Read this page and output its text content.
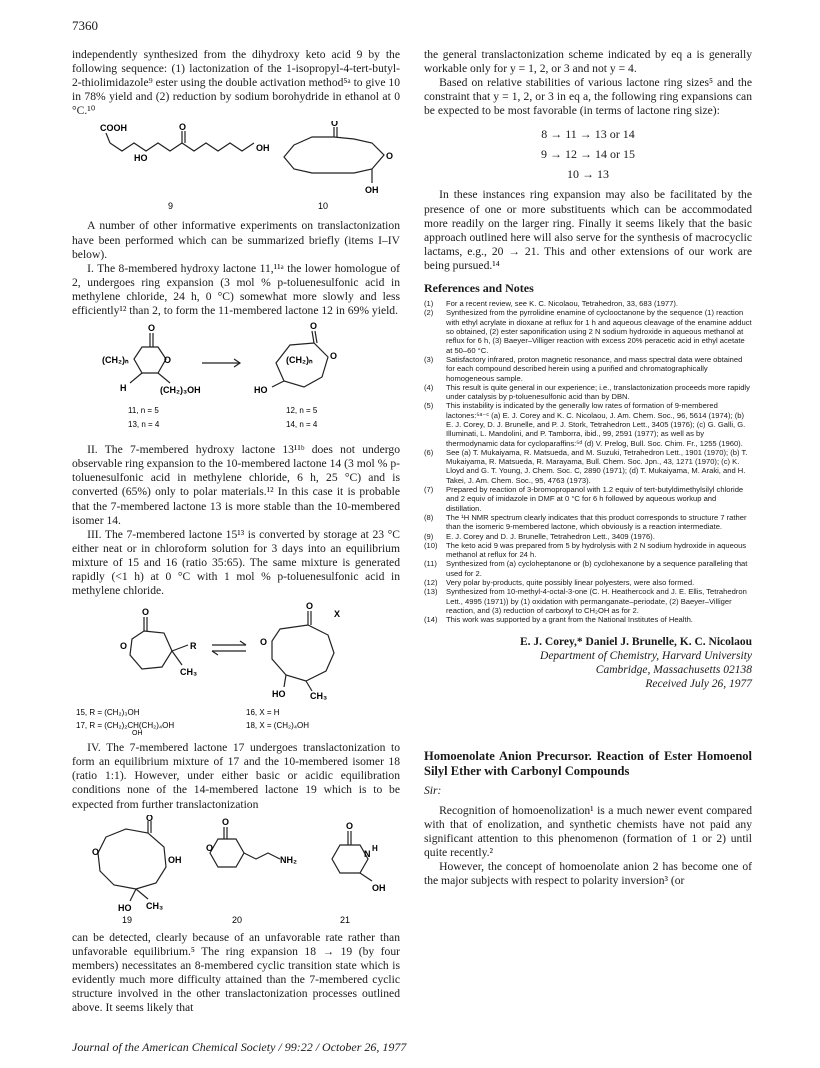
7360

independently synthesized from the dihydroxy keto acid 9 by the following sequence: (1) lactonization of the 1-isopropyl-4-tert-butyl-2-thiolimidazole⁹ ester using the double activation method⁵ᵃ to give 10 in 78% yield and (2) reduction by sodium borohydride in ethanol at 0 °C.¹⁰

COOH
HO
O
OH
O
O
OH
9	10

A number of other informative experiments on translactonization have been performed which can be summarized briefly (items I–IV below).

I. The 8-membered hydroxy lactone 11,¹¹ᵃ the lower homologue of 2, undergoes ring expansion (3 mol % p-toluenesulfonic acid in methylene chloride, 24 h, 0 °C) somewhat more slowly and less efficiently¹² than 2, to form the 11-membered lactone 12 in 69% yield.

O
(CH₂)ₙ	O
H	(CH₂)₃OH
O
(CH₂)ₙ O
HO
11, n = 5
13, n = 4
12, n = 5
14, n = 4

II. The 7-membered hydroxy lactone 13¹¹ᵇ does not undergo observable ring expansion to the 10-membered lactone 14 (3 mol % p-toluenesulfonic acid in methylene chloride, 6 h, 25 °C) and is converted (65%) only to polar materials.¹² In this case it is probable that the 7-membered lactone 13 is more stable than the 10-membered isomer 14.

III. The 7-membered lactone 15¹³ is converted by storage at 23 °C either neat or in chloroform solution for 3 days into an equilibrium mixture of 15 and 16 (ratio 35:65). The same mixture is generated rapidly (<1 h) at 0 °C with 1 mol % p-toluenesulfonic acid in methylene chloride.

O
O	R
CH₃
O
X
O
HO	CH₃
15, R = (CH₂)₃OH
17, R = (CH₂)₂CH(CH₂)₄OH
OH
16, X = H
18, X = (CH₂)₄OH

IV. The 7-membered lactone 17 undergoes translactonization to form an equilibrium mixture of 17 and the 10-membered isomer 18 (ratio 1:1). However, under either basic or acidic equilibration conditions none of the 14-membered lactone 19 which is to be expected from further translactonization

O
O
OH
HO CH₃
O
O
NH₂
O
N
H
OH
19	20	21

can be detected, clearly because of an unfavorable rate rather than unfavorable equilibrium.⁵ The ring expansion 18 → 19 (by four members) necessitates an 8-membered cyclic transition state which is evidently much more difficulty attained than the 7-membered cyclic structure involved in the other translactonization processes outlined above. It seems likely that

the general translactonization scheme indicated by eq a is generally workable only for y = 1, 2, or 3 and not y = 4.

Based on relative stabilities of various lactone ring sizes⁵ and the constraint that y = 1, 2, or 3 in eq a, the following ring expansions can be expected to be most favorable (in terms of lactone ring size):

8 → 11 → 13 or 14
9 → 12 → 14 or 15
10 → 13

In these instances ring expansion may also be facilitated by the presence of one or more substituents which can be accommodated more readily on the larger ring. Finally it seems likely that the basic approach outlined here will also serve for the synthesis of macrocyclic lactams, e.g., 20 → 21. This and other extensions of our work are being pursued.¹⁴

References and Notes
(1) For a recent review, see K. C. Nicolaou, Tetrahedron, 33, 683 (1977).
(2) Synthesized from the pyrrolidine enamine of cyclooctanone by the sequence (1) reaction with ethyl acrylate in dioxane at reflux for 1 h and aqueous cleavage of the enamine adduct so obtained, (2) ester saponification using 2 N sodium hydroxide in aqueous methanol at reflux for 6 h, (3) Baeyer–Villiger reaction with excess 20% peracetic acid in ethyl acetate at 50–60 °C.
(3) Satisfactory infrared, proton magnetic resonance, and mass spectral data were obtained for each compound described herein using a purified and chromatographically homogeneous sample.
(4) This result is quite general in our experience; i.e., translactonization proceeds more rapidly under catalysis by p-toluenesulfonic acid than by DBN.
(5) This instability is indicated by the generally low rates of formation of 9-membered lactones:⁵ᵃ⁻ᶜ (a) E. J. Corey and K. C. Nicolaou, J. Am. Chem. Soc., 96, 5614 (1974); (b) E. J. Corey, D. J. Brunelle, and P. J. Stork, Tetrahedron Lett., 3405 (1976); (c) G. Galli, G. Illuminati, L. Mandolini, and P. Tamborra, ibid., 99, 2591 (1977); as well as by thermodynamic data for cycloparaffins:⁵ᵈ (d) V. Prelog, Bull. Soc. Chim. Fr., 1255 (1960).
(6) See (a) T. Mukaiyama, R. Matsueda, and M. Suzuki, Tetrahedron Lett., 1901 (1970); (b) T. Mukaiyama, R. Matsueda, R. Marayama, Bull. Chem. Soc. Jpn., 43, 1271 (1970); (c) K. Lloyd and G. T. Young, J. Chem. Soc. C, 2890 (1971); (d) T. Mukaiyama, M. Araki, and H. Takei, J. Am. Chem. Soc., 95, 4763 (1973).
(7) Prepared by reaction of 3-bromopropanol with 1.2 equiv of tert-butyldimethylsilyl chloride and 2 equiv of imidazole in DMF at 0 °C for 6 h followed by aqueous workup and distillation.
(8) The ¹H NMR spectrum clearly indicates that this product corresponds to structure 7 rather than the isomeric 9-membered lactone, which obviously is a reaction intermediate.
(9) E. J. Corey and D. J. Brunelle, Tetrahedron Lett., 3409 (1976).
(10) The keto acid 9 was prepared from 5 by hydrolysis with 2 N sodium hydroxide in aqueous methanol at reflux for 24 h.
(11) Synthesized from (a) cycloheptanone or (b) cyclohexanone by a sequence paralleling that used for 2.
(12) Very polar by-products, quite possibly linear polyesters, were also formed.
(13) Synthesized from 10-methyl-4-octal-3-one (C. H. Heathercock and J. E. Ellis, Tetrahedron Lett., 4995 (1971)) by (1) oxidation with permanganate–periodate, (2) Baeyer–Villiger reaction, and (3) reduction of carboxyl to CH₂OH as for 2.
(14) This work was supported by a grant from the National Institutes of Health.
E. J. Corey,* Daniel J. Brunelle, K. C. Nicolaou
Department of Chemistry, Harvard University
Cambridge, Massachusetts 02138
Received July 26, 1977
Homoenolate Anion Precursor. Reaction of Ester Homoenol Silyl Ether with Carbonyl Compounds
Sir:

Recognition of homoenolization¹ is a much newer event compared with that of enolization, and synthetic chemists have not paid any significant attention to this phenomenon (formation of 1 or 2) until quite recently.²

However, the concept of homoenolate anion 2 has become one of the major subjects with respect to polarity inversion³ (or

Journal of the American Chemical Society / 99:22 / October 26, 1977
